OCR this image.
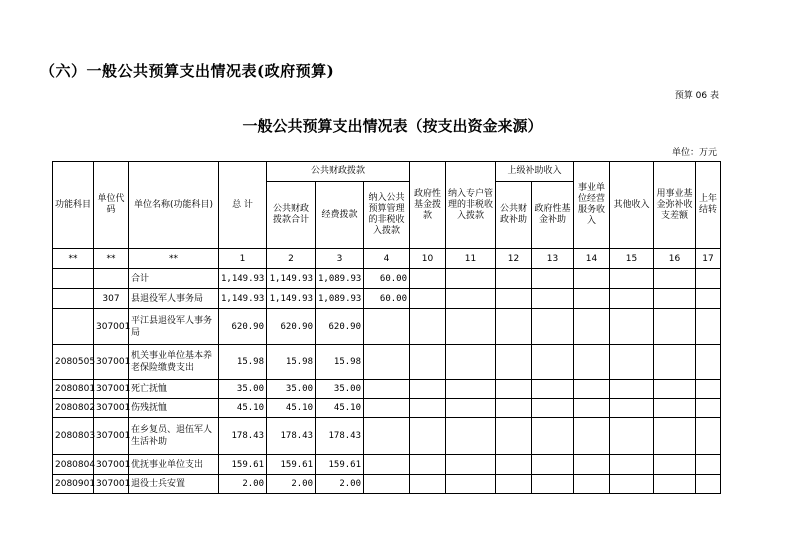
（六）一般公共预算支出情况表(政府预算)
预算 06 表
一般公共预算支出情况表（按支出资金来源）
单位：万元
功能科目	单位代码	单位名称(功能科目)	总 计	公共财政拨款			政府性基金拨款	纳入专户管理的非税收入拨款	上级补助收入		事业单位经营服务收入	其他收入	用事业基金弥补收支差额	上年结转
				公共财政拨款合计	经费拨款	纳入公共预算管理的非税收入拨款			公共财政补助	政府性基金补助				
**	**	**	1	2	3	4	10	11	12	13	14	15	16	17
		合计	1,149.93	1,149.93	1,089.93	60.00								
	307	县退役军人事务局	1,149.93	1,149.93	1,089.93	60.00								
	307001	平江县退役军人事务局	620.90	620.90	620.90									
2080505	307001	机关事业单位基本养老保险缴费支出	15.98	15.98	15.98									
2080801	307001	死亡抚恤	35.00	35.00	35.00									
2080802	307001	伤残抚恤	45.10	45.10	45.10									
2080803	307001	在乡复员、退伍军人生活补助	178.43	178.43	178.43									
2080804	307001	优抚事业单位支出	159.61	159.61	159.61									
2080901	307001	退役士兵安置	2.00	2.00	2.00									
